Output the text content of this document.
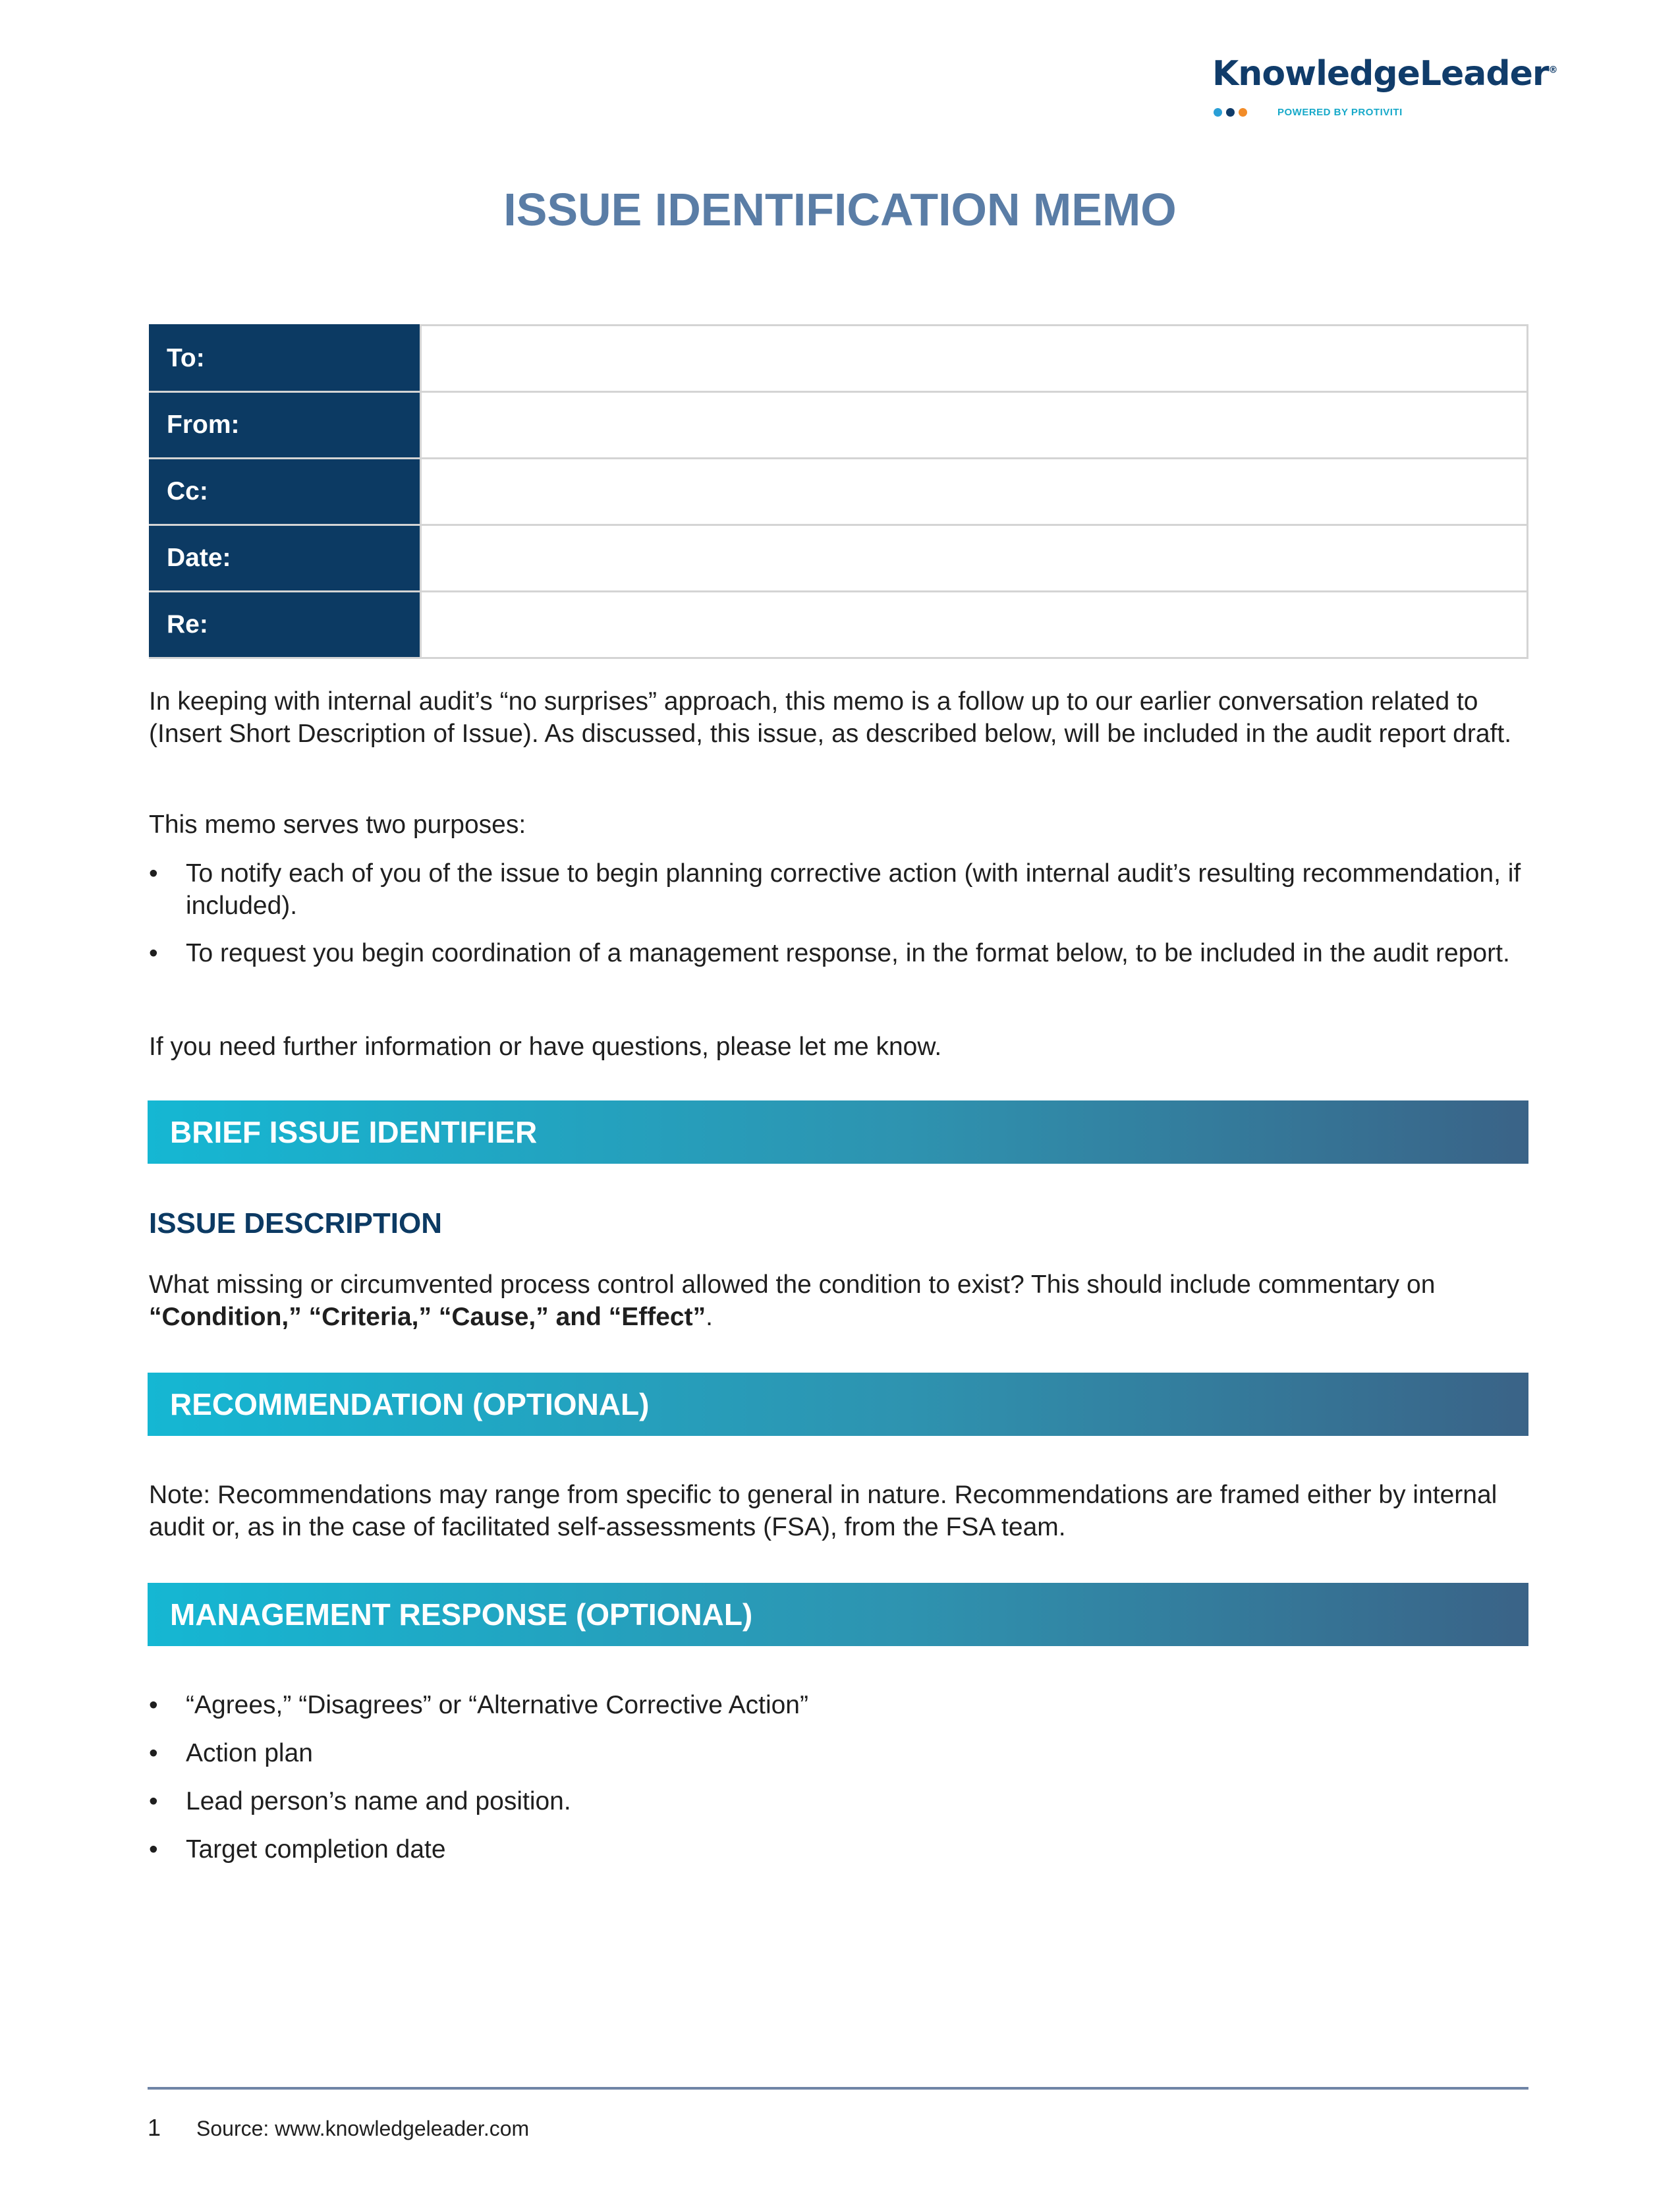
KnowledgeLeader®
POWERED BY PROTIVITI
ISSUE IDENTIFICATION MEMO
To:	
From:	
Cc:	
Date:	
Re:	
In keeping with internal audit’s “no surprises” approach, this memo is a follow up to our earlier conversation related to (Insert Short Description of Issue). As discussed, this issue, as described below, will be included in the audit report draft.
This memo serves two purposes:
• To notify each of you of the issue to begin planning corrective action (with internal audit’s resulting recommendation, if included).
• To request you begin coordination of a management response, in the format below, to be included in the audit report.
If you need further information or have questions, please let me know.
BRIEF ISSUE IDENTIFIER
ISSUE DESCRIPTION
What missing or circumvented process control allowed the condition to exist? This should include commentary on “Condition,” “Criteria,” “Cause,” and “Effect”.
RECOMMENDATION (OPTIONAL)
Note: Recommendations may range from specific to general in nature. Recommendations are framed either by internal audit or, as in the case of facilitated self-assessments (FSA), from the FSA team.
MANAGEMENT RESPONSE (OPTIONAL)
• “Agrees,” “Disagrees” or “Alternative Corrective Action”
• Action plan
• Lead person’s name and position.
• Target completion date
1 Source: www.knowledgeleader.com
